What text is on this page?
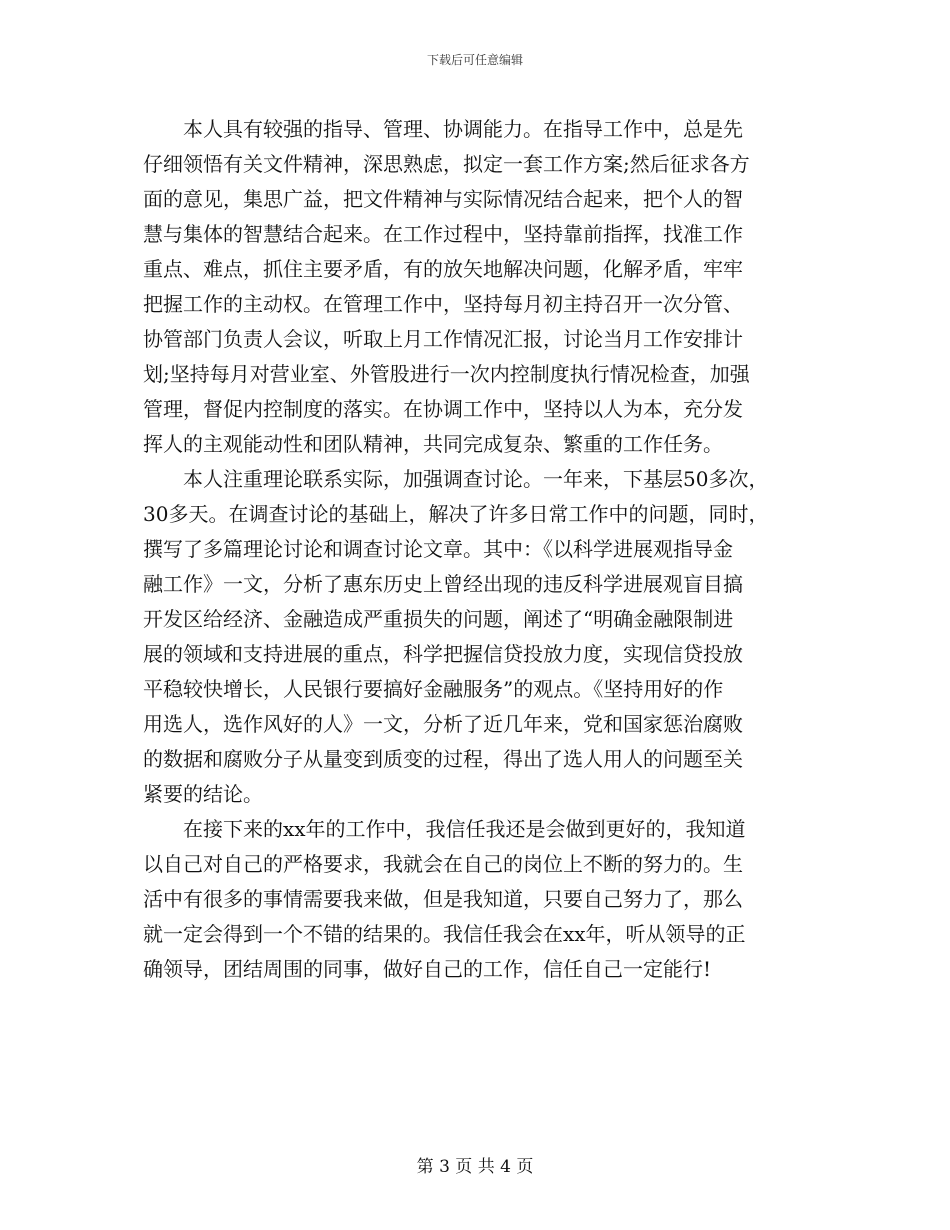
下载后可任意编辑
　　本人具有较强的指导、管理、协调能力。在指导工作中，总是先
仔细领悟有关文件精神，深思熟虑，拟定一套工作方案;然后征求各方
面的意见，集思广益，把文件精神与实际情况结合起来，把个人的智
慧与集体的智慧结合起来。在工作过程中，坚持靠前指挥，找准工作
重点、难点，抓住主要矛盾，有的放矢地解决问题，化解矛盾，牢牢
把握工作的主动权。在管理工作中，坚持每月初主持召开一次分管、
协管部门负责人会议，听取上月工作情况汇报，讨论当月工作安排计
划;坚持每月对营业室、外管股进行一次内控制度执行情况检查，加强
管理，督促内控制度的落实。在协调工作中，坚持以人为本，充分发
挥人的主观能动性和团队精神，共同完成复杂、繁重的工作任务。
　　本人注重理论联系实际，加强调查讨论。一年来，下基层50多次，
30多天。在调查讨论的基础上，解决了许多日常工作中的问题，同时，
撰写了多篇理论讨论和调查讨论文章。其中：《以科学进展观指导金
融工作》一文，分析了惠东历史上曾经出现的违反科学进展观盲目搞
开发区给经济、金融造成严重损失的问题，阐述了“明确金融限制进
展的领域和支持进展的重点，科学把握信贷投放力度，实现信贷投放
平稳较快增长，人民银行要搞好金融服务”的观点。《坚持用好的作
用选人，选作风好的人》一文，分析了近几年来，党和国家惩治腐败
的数据和腐败分子从量变到质变的过程，得出了选人用人的问题至关
紧要的结论。
　　在接下来的xx年的工作中，我信任我还是会做到更好的，我知道
以自己对自己的严格要求，我就会在自己的岗位上不断的努力的。生
活中有很多的事情需要我来做，但是我知道，只要自己努力了，那么
就一定会得到一个不错的结果的。我信任我会在xx年，听从领导的正
确领导，团结周围的同事，做好自己的工作，信任自己一定能行!
第 3 页 共 4 页
